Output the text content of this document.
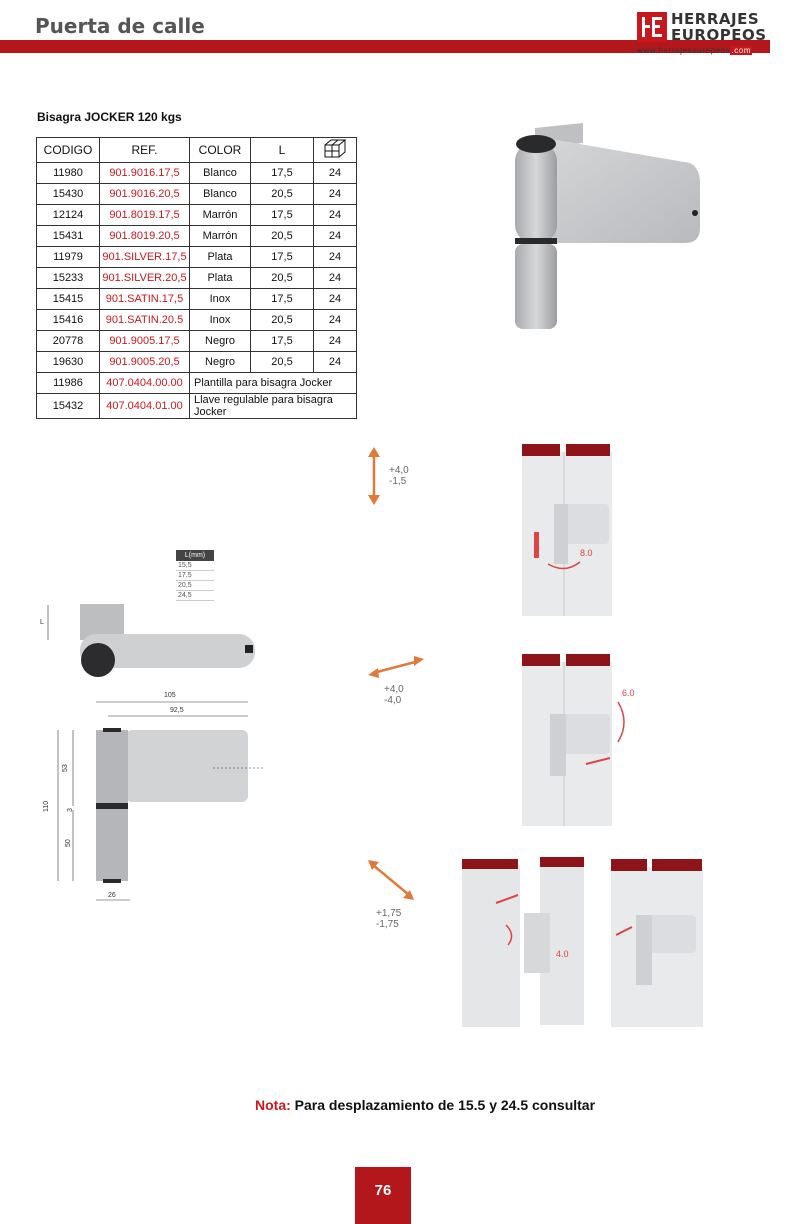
Puerta de calle	HERRAJES
EUROPEOS
www.herrajeseuropeos.com
Bisagra JOCKER 120 kgs
CODIGO	REF.	COLOR	L	
11980	901.9016.17,5	Blanco	17,5	24
15430	901.9016.20,5	Blanco	20,5	24
12124	901.8019.17,5	Marrón	17,5	24
15431	901.8019.20,5	Marrón	20,5	24
11979	901.SILVER.17,5	Plata	17,5	24
15233	901.SILVER.20,5	Plata	20,5	24
15415	901.SATIN.17,5	Inox	17,5	24
15416	901.SATIN.20.5	Inox	20,5	24
20778	901.9005.17,5	Negro	17,5	24
19630	901.9005.20,5	Negro	20,5	24
11986	407.0404.00.00	Plantilla para bisagra Jocker		
15432	407.0404.01.00	Llave regulable para bisagra Jocker		
L(mm)
15,5
17,5
20,5
24,5
L
105
92,5
110
53
3
50
26
+4,0
-1,5
8.0
+4,0
-4,0
6.0
+1,75
-1,75
4.0
Nota: Para desplazamiento de 15.5 y 24.5 consultar
76
